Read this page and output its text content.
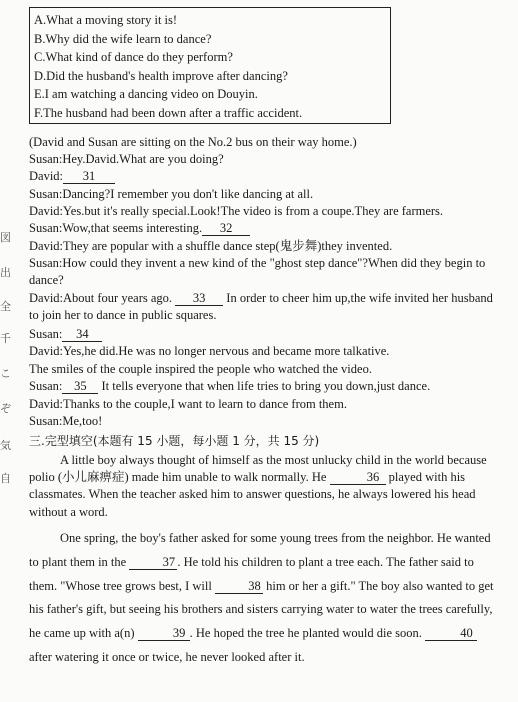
A.What a moving story it is!
B.Why did the wife learn to dance?
C.What kind of dance do they perform?
D.Did the husband's health improve after dancing?
E.I am watching a dancing video on Douyin.
F.The husband had been down after a traffic accident.
(David and Susan are sitting on the No.2 bus on their way home.)
Susan:Hey.David.What are you doing?
David: 31
Susan:Dancing?I remember you don't like dancing at all.
David:Yes.but it's really special.Look!The video is from a coupe.They are farmers.
Susan:Wow,that seems interesting. 32
David:They are popular with a shuffle dance step(鬼步舞)they invented.

Susan:How could they invent a new kind of the "ghost step dance"?When did they begin to dance?

David:About four years ago. 33 In order to cheer him up,the wife invited her husband to join her to dance in public squares.

Susan: 34
David:Yes,he did.He was no longer nervous and became more talkative.
The smiles of the couple inspired the people who watched the video.
Susan: 35 It tells everyone that when life tries to bring you down,just dance.
David:Thanks to the couple,I want to learn to dance from them.
Susan:Me,too!
三.完型填空(本题有 15 小题，每小题 1 分，共 15 分)

A little boy always thought of himself as the most unlucky child in the world because polio (小儿麻痹症) made him unable to walk normally. He	36 played with his classmates. When the teacher asked him to answer questions, he always lowered his head without a word.

One spring, the boy's father asked for some young trees from the neighbor. He wanted to plant them in the	37 . He told his children to plant a tree each. The father said to them. "Whose tree grows best, I will	38 him or her a gift." The boy also wanted to get his father's gift, but seeing his brothers and sisters carrying water to water the trees carefully, he came up with a(n)	39 . He hoped the tree he planted would die soon.	40 after watering it once or twice, he never looked after it.

図
出
全
千
こ
ぞ
気
自
